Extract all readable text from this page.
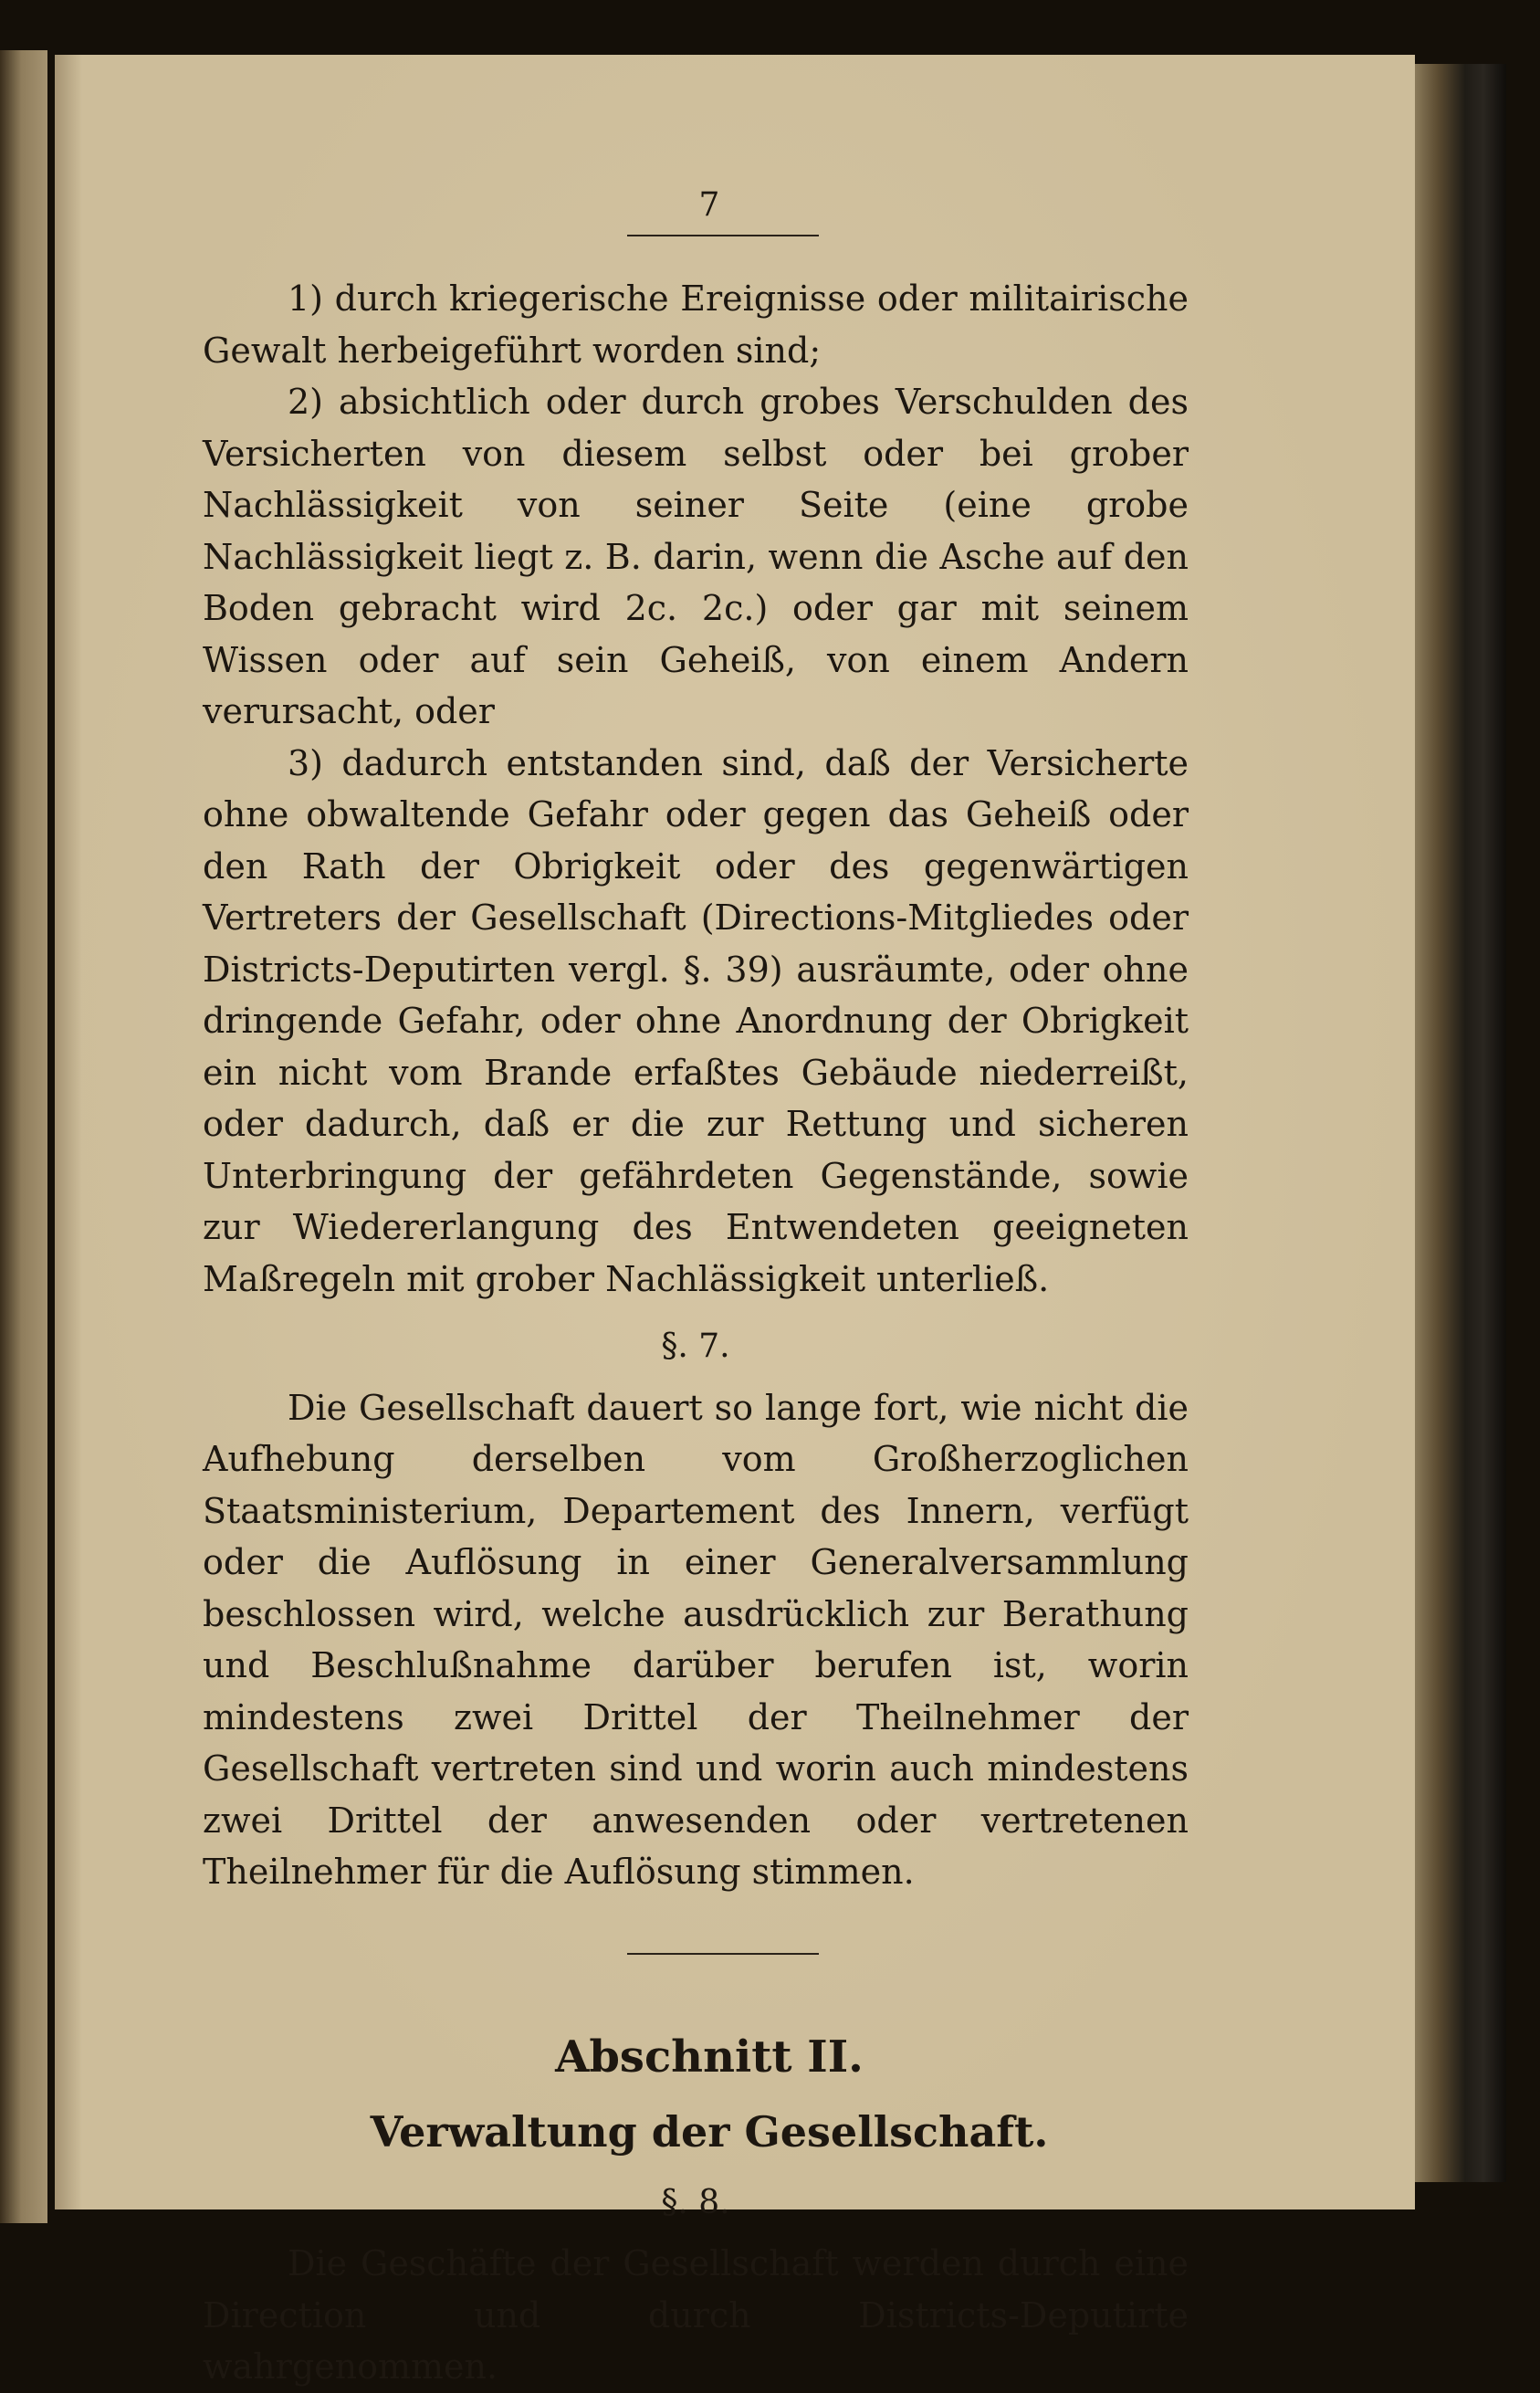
7

1) durch kriegerische Ereignisse oder militairische Gewalt herbeigeführt worden sind;

2) absichtlich oder durch grobes Verschulden des Versicherten von diesem selbst oder bei grober Nachlässigkeit von seiner Seite (eine grobe Nachlässigkeit liegt z. B. darin, wenn die Asche auf den Boden gebracht wird 2c. 2c.) oder gar mit seinem Wissen oder auf sein Geheiß, von einem Andern verursacht, oder

3) dadurch entstanden sind, daß der Versicherte ohne obwaltende Gefahr oder gegen das Geheiß oder den Rath der Obrigkeit oder des gegenwärtigen Vertreters der Gesellschaft (Directions-Mitgliedes oder Districts-Deputirten vergl. §. 39) ausräumte, oder ohne dringende Gefahr, oder ohne Anordnung der Obrigkeit ein nicht vom Brande erfaßtes Gebäude niederreißt, oder dadurch, daß er die zur Rettung und sicheren Unterbringung der gefährdeten Gegenstände, sowie zur Wiedererlangung des Entwendeten geeigneten Maßregeln mit grober Nachlässigkeit unterließ.

§. 7.

Die Gesellschaft dauert so lange fort, wie nicht die Aufhebung derselben vom Großherzoglichen Staatsministerium, Departement des Innern, verfügt oder die Auflösung in einer Generalversammlung beschlossen wird, welche ausdrücklich zur Berathung und Beschlußnahme darüber berufen ist, worin mindestens zwei Drittel der Theilnehmer der Gesellschaft vertreten sind und worin auch mindestens zwei Drittel der anwesenden oder vertretenen Theilnehmer für die Auflösung stimmen.

Abschnitt II.
Verwaltung der Gesellschaft.
§. 8.

Die Geschäfte der Gesellschaft werden durch eine Direction und durch Districts-Deputirte wahrgenommen.
